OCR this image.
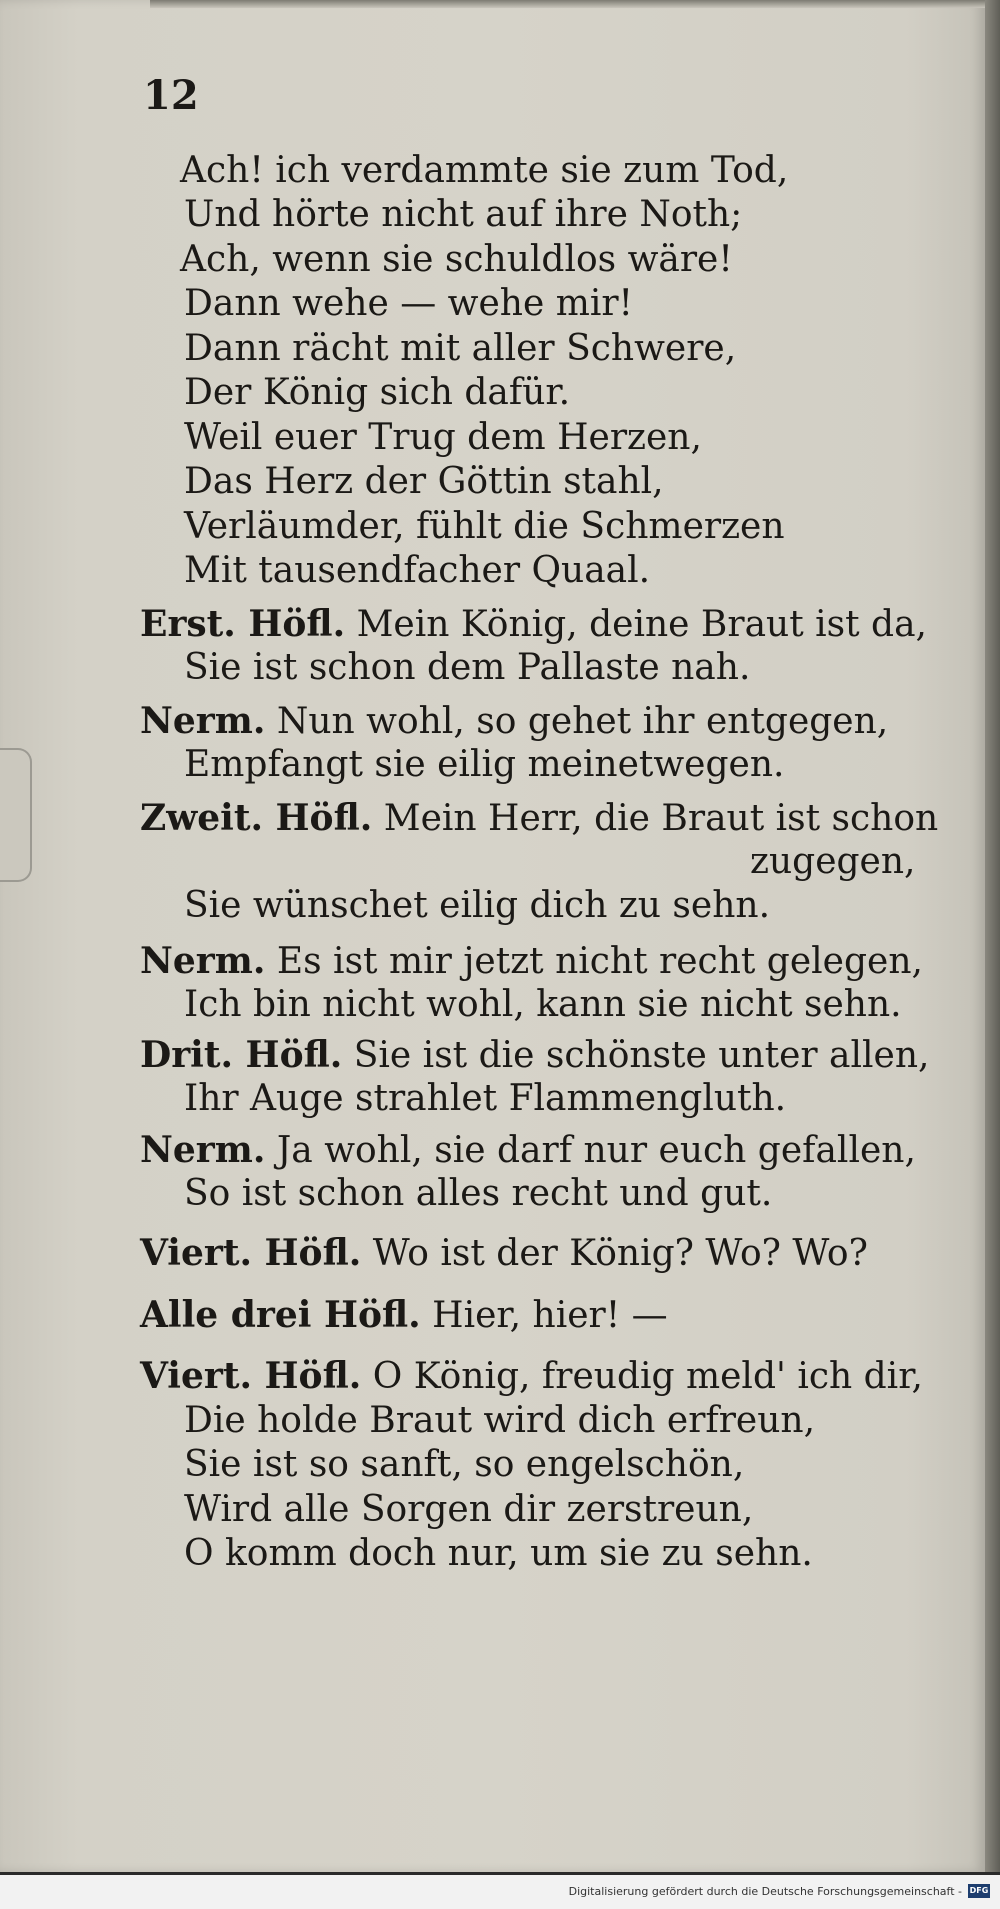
12
Ach! ich verdammte sie zum Tod,
Und hörte nicht auf ihre Noth;
Ach, wenn sie schuldlos wäre!
Dann wehe — wehe mir!
Dann rächt mit aller Schwere,
Der König sich dafür.
Weil euer Trug dem Herzen,
Das Herz der Göttin stahl,
Verläumder, fühlt die Schmerzen
Mit tausendfacher Quaal.
Erst. Höfl. Mein König, deine Braut ist da,
Sie ist schon dem Pallaste nah.
Nerm. Nun wohl, so gehet ihr entgegen,
Empfangt sie eilig meinetwegen.
Zweit. Höfl. Mein Herr, die Braut ist schon
zugegen,
Sie wünschet eilig dich zu sehn.
Nerm. Es ist mir jetzt nicht recht gelegen,
Ich bin nicht wohl, kann sie nicht sehn.
Drit. Höfl. Sie ist die schönste unter allen,
Ihr Auge strahlet Flammengluth.
Nerm. Ja wohl, sie darf nur euch gefallen,
So ist schon alles recht und gut.
Viert. Höfl. Wo ist der König? Wo? Wo?
Alle drei Höfl. Hier, hier! —
Viert. Höfl. O König, freudig meld' ich dir,
Die holde Braut wird dich erfreun,
Sie ist so sanft, so engelschön,
Wird alle Sorgen dir zerstreun,
O komm doch nur, um sie zu sehn.
Digitalisierung gefördert durch die Deutsche Forschungsgemeinschaft - DFG
